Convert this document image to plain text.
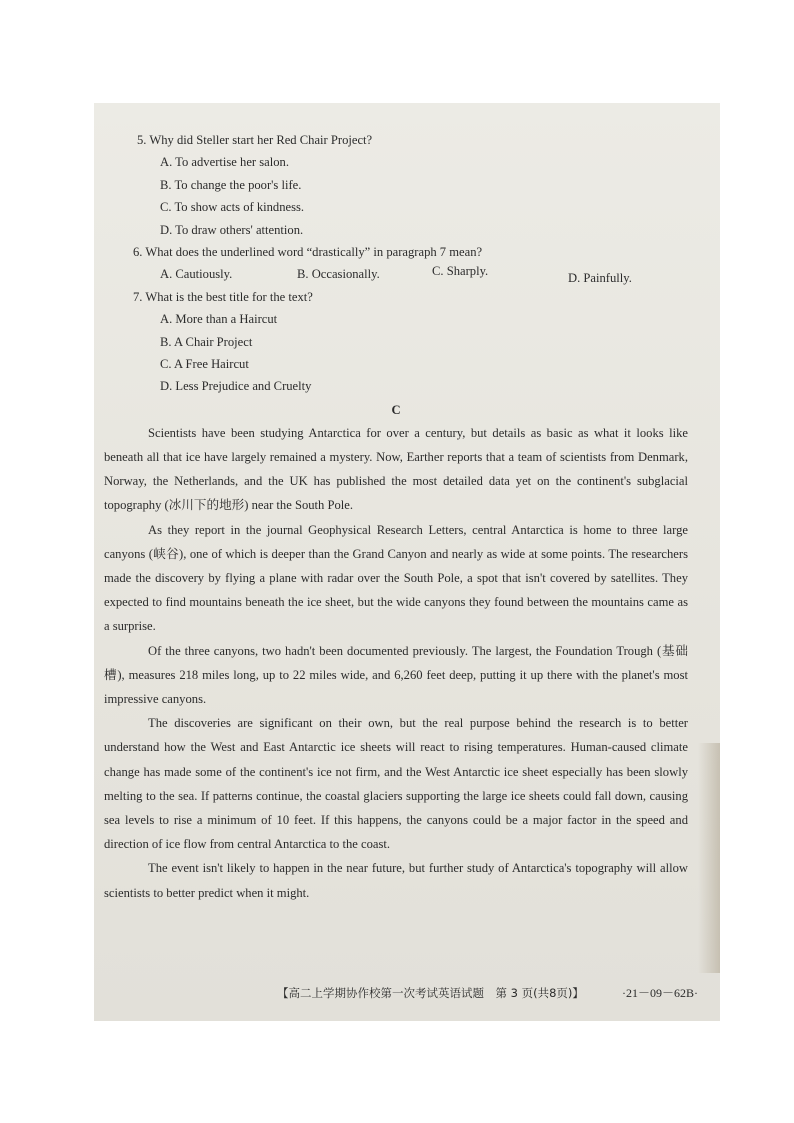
5. Why did Steller start her Red Chair Project?
A. To advertise her salon.
B. To change the poor's life.
C. To show acts of kindness.
D. To draw others' attention.
6. What does the underlined word “drastically” in paragraph 7 mean?
A. Cautiously.	B. Occasionally.	C. Sharply.	D. Painfully.
7. What is the best title for the text?
A. More than a Haircut
B. A Chair Project
C. A Free Haircut
D. Less Prejudice and Cruelty
C

Scientists have been studying Antarctica for over a century, but details as basic as what it looks like beneath all that ice have largely remained a mystery. Now, Earther reports that a team of scientists from Denmark, Norway, the Netherlands, and the UK has published the most detailed data yet on the continent's subglacial topography (冰川下的地形) near the South Pole.

As they report in the journal Geophysical Research Letters, central Antarctica is home to three large canyons (峡谷), one of which is deeper than the Grand Canyon and nearly as wide at some points. The researchers made the discovery by flying a plane with radar over the South Pole, a spot that isn't covered by satellites. They expected to find mountains beneath the ice sheet, but the wide canyons they found between the mountains came as a surprise.

Of the three canyons, two hadn't been documented previously. The largest, the Foundation Trough (基础槽), measures 218 miles long, up to 22 miles wide, and 6,260 feet deep, putting it up there with the planet's most impressive canyons.

The discoveries are significant on their own, but the real purpose behind the research is to better understand how the West and East Antarctic ice sheets will react to rising temperatures. Human-caused climate change has made some of the continent's ice not firm, and the West Antarctic ice sheet especially has been slowly melting to the sea. If patterns continue, the coastal glaciers supporting the large ice sheets could fall down, causing sea levels to rise a minimum of 10 feet. If this happens, the canyons could be a major factor in the speed and direction of ice flow from central Antarctica to the coast.

The event isn't likely to happen in the near future, but further study of Antarctica's topography will allow scientists to better predict when it might.

【高二上学期协作校第一次考试英语试题　第 3 页(共8页)】	·21－09－62B·
